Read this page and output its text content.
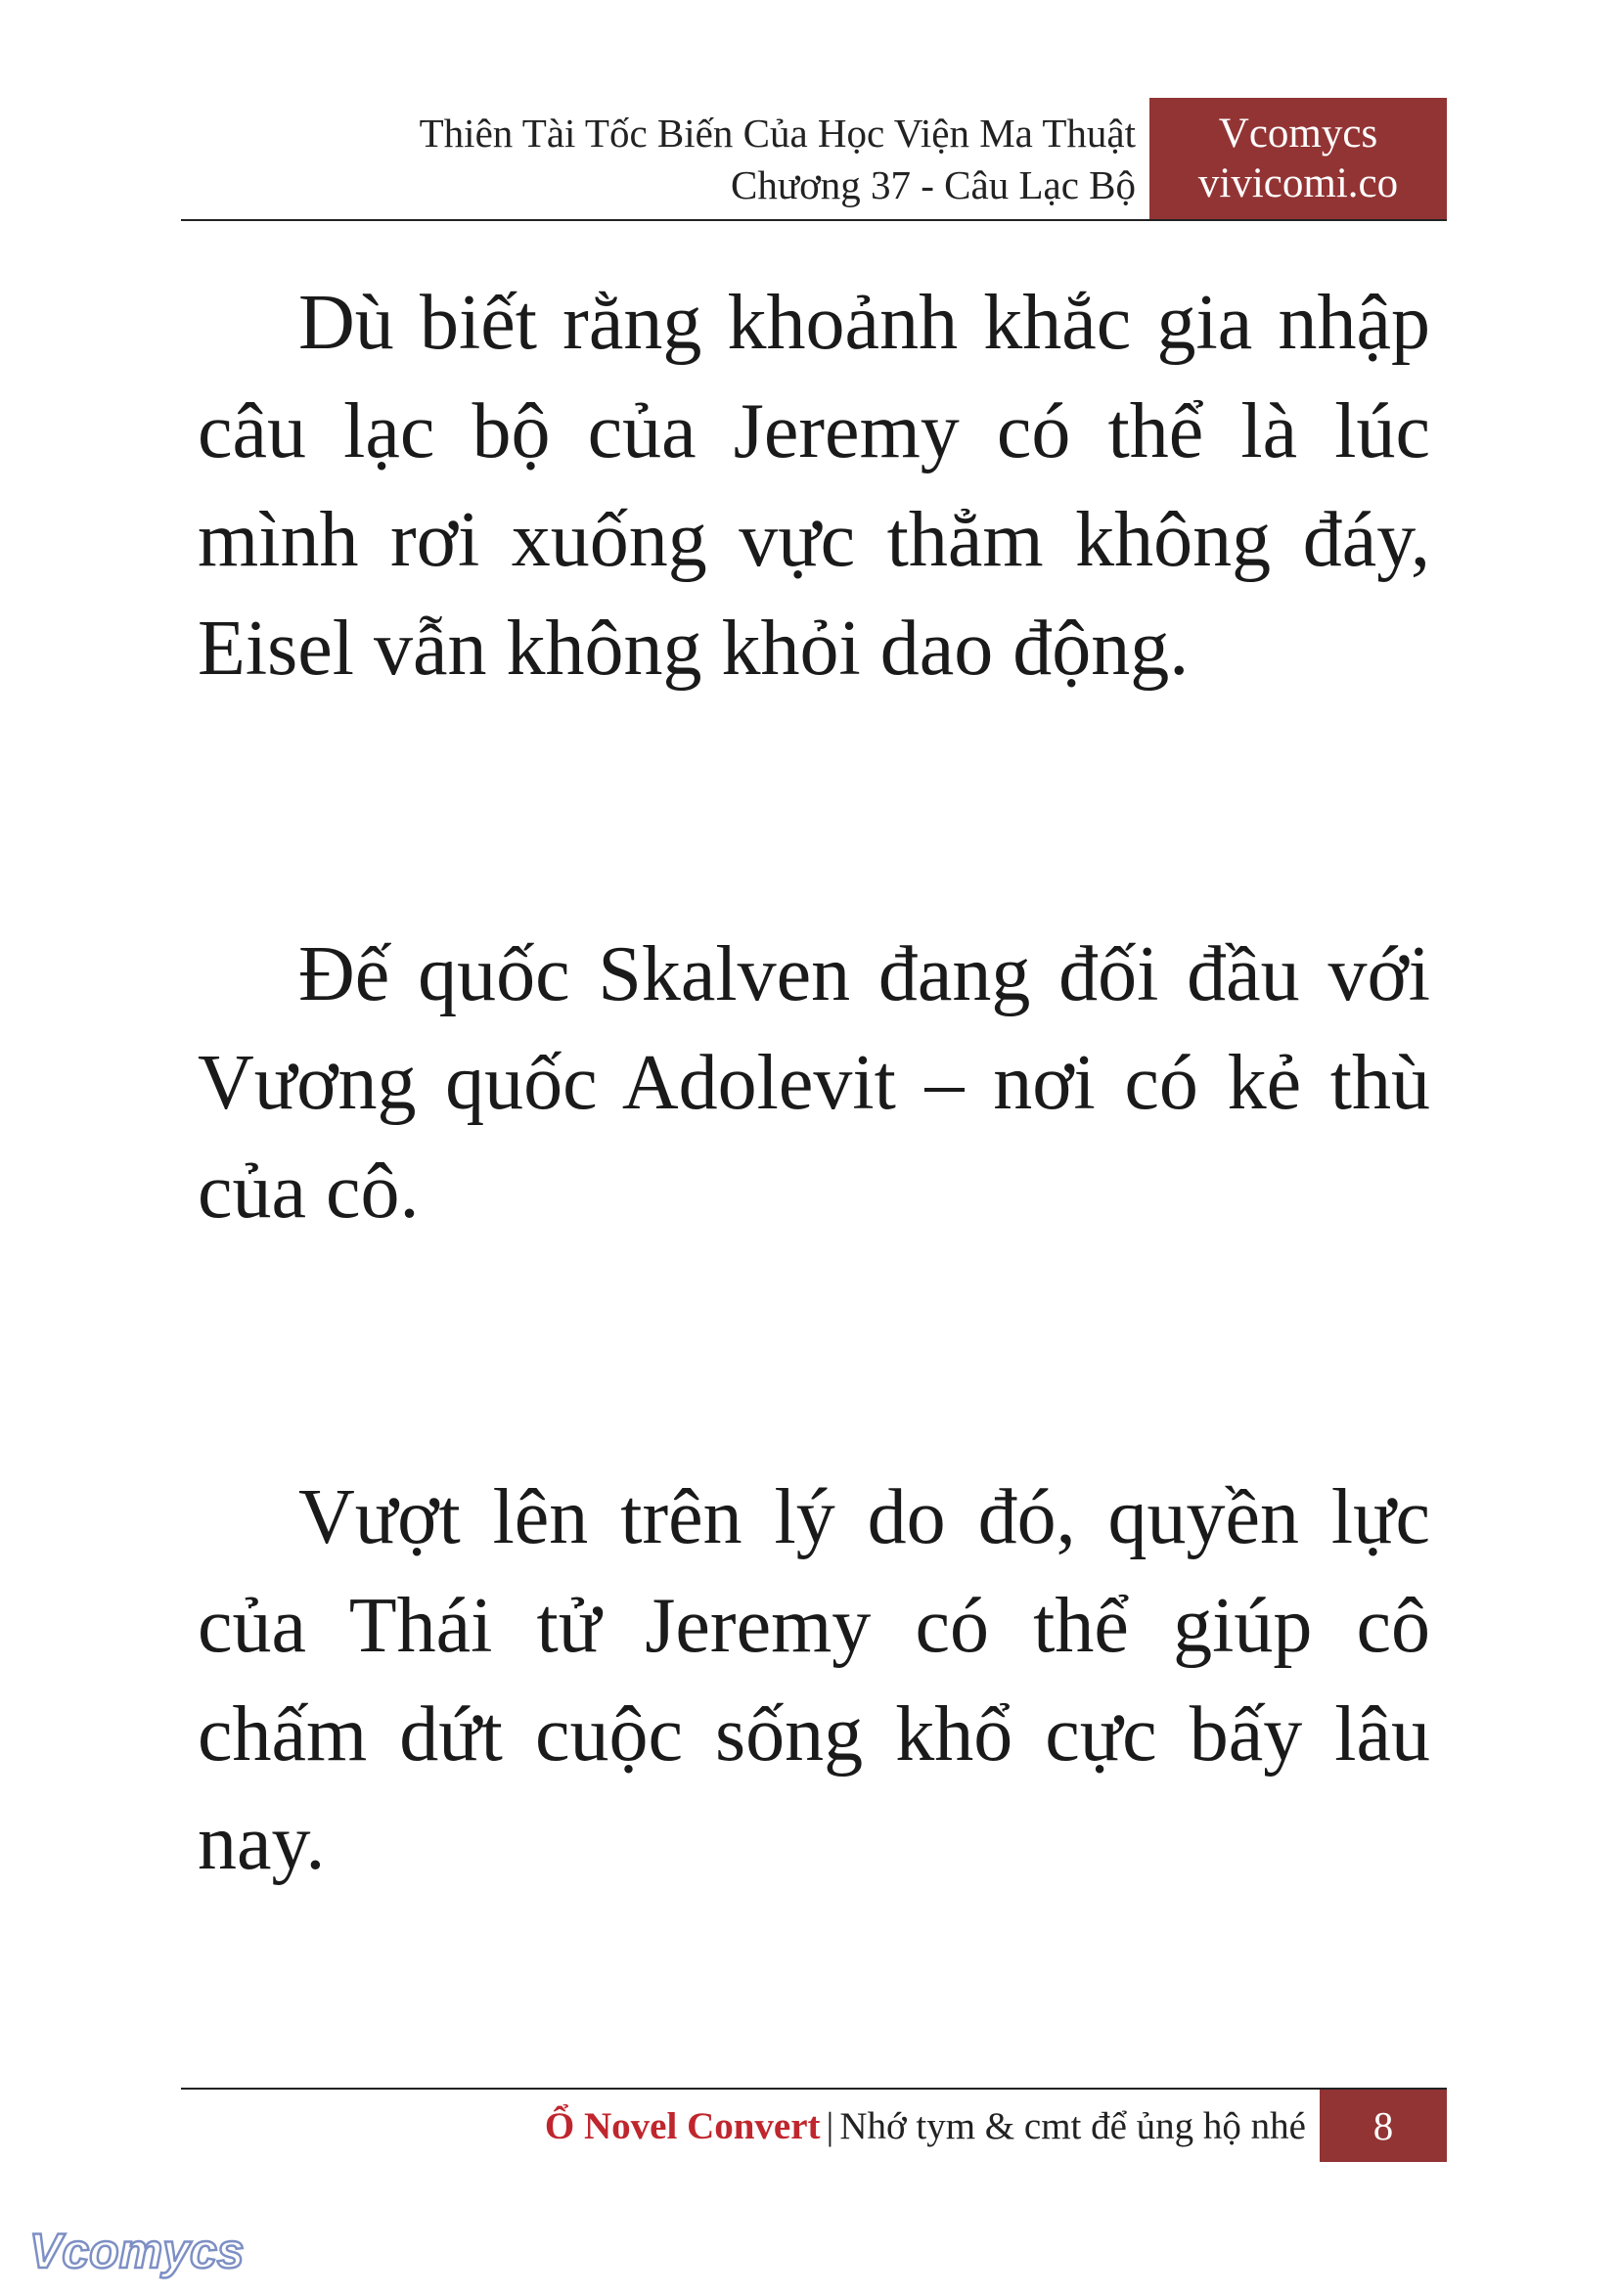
Thiên Tài Tốc Biến Của Học Viện Ma Thuật
Chương 37 - Câu Lạc Bộ
Vcomycs
vivicomi.co

Dù biết rằng khoảnh khắc gia nhập câu lạc bộ của Jeremy có thể là lúc mình rơi xuống vực thẳm không đáy, Eisel vẫn không khỏi dao động.

Đế quốc Skalven đang đối đầu với Vương quốc Adolevit – nơi có kẻ thù của cô.

Vượt lên trên lý do đó, quyền lực của Thái tử Jeremy có thể giúp cô chấm dứt cuộc sống khổ cực bấy lâu nay.

Ổ Novel Convert | Nhớ tym & cmt để ủng hộ nhé	8
Vcomycs
